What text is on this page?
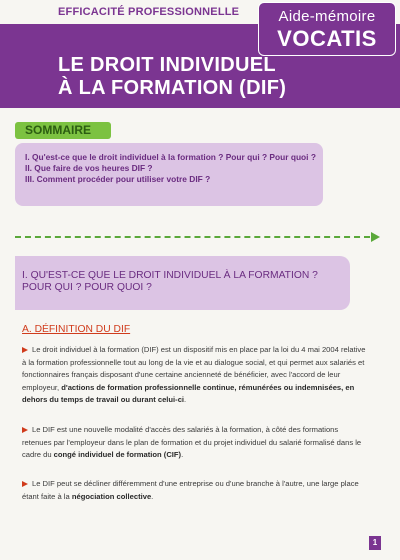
EFFICACITÉ PROFESSIONNELLE	Aide-mémoire
VOCATIS
LE DROIT INDIVIDUEL
À LA FORMATION (DIF)
SOMMAIRE
I. Qu'est-ce que le droit individuel à la formation ? Pour qui ? Pour quoi ?
II. Que faire de vos heures DIF ?
III. Comment procéder pour utiliser votre DIF ?
I. QU'EST-CE QUE LE DROIT INDIVIDUEL À LA FORMATION ?
POUR QUI ? POUR QUOI ?
A. DÉFINITION DU DIF
Le droit individuel à la formation (DIF) est un dispositif mis en place par la loi du 4 mai 2004 relative à la formation professionnelle tout au long de la vie et au dialogue social, et qui permet aux salariés et fonctionnaires français disposant d'une certaine ancienneté de bénéficier, avec l'accord de leur employeur, d'actions de formation professionnelle continue, rémunérées ou indemnisées, en dehors du temps de travail ou durant celui-ci.
Le DIF est une nouvelle modalité d'accès des salariés à la formation, à côté des formations retenues par l'employeur dans le plan de formation et du projet individuel du salarié formalisé dans le cadre du congé individuel de formation (CIF).
Le DIF peut se décliner différemment d'une entreprise ou d'une branche à l'autre, une large place étant faite à la négociation collective.
1
